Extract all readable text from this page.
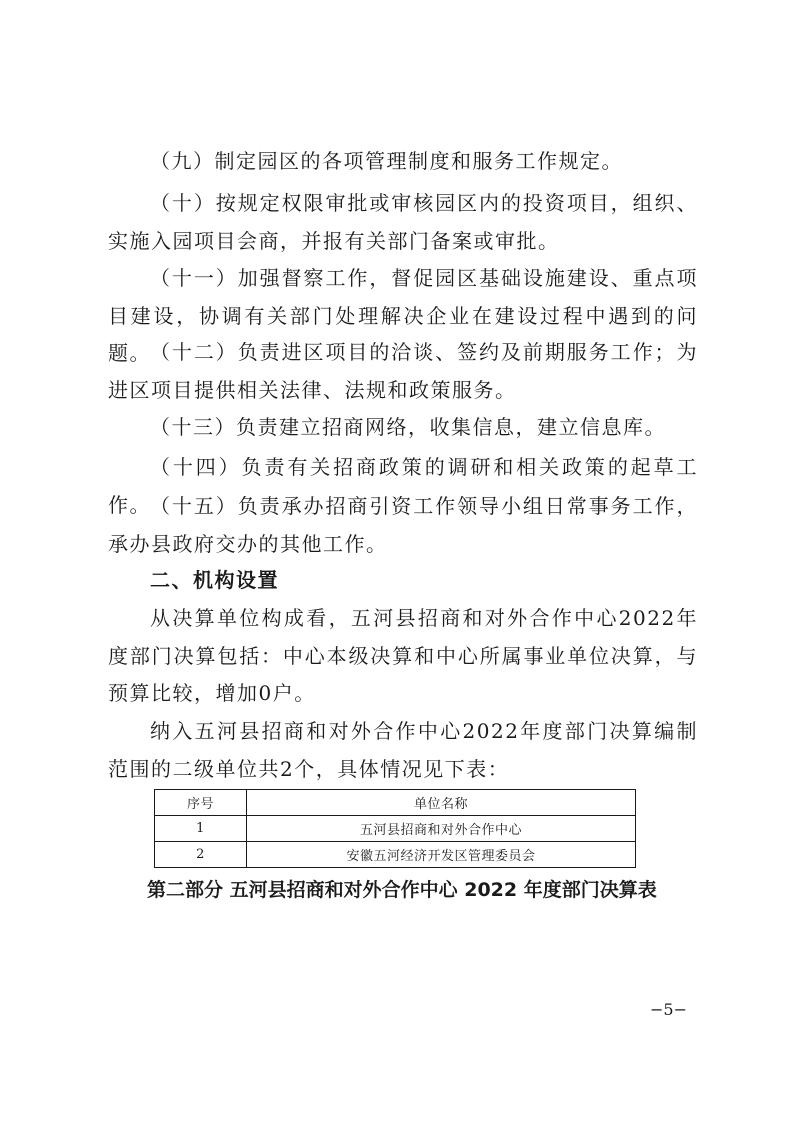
（九）制定园区的各项管理制度和服务工作规定。

（十）按规定权限审批或审核园区内的投资项目，组织、实施入园项目会商，并报有关部门备案或审批。

（十一）加强督察工作，督促园区基础设施建设、重点项目建设，协调有关部门处理解决企业在建设过程中遇到的问题。 （十二）负责进区项目的洽谈、签约及前期服务工作；为进区项目提供相关法律、法规和政策服务。

（十三）负责建立招商网络，收集信息，建立信息库。

（十四）负责有关招商政策的调研和相关政策的起草工作。 （十五）负责承办招商引资工作领导小组日常事务工作，承办县政府交办的其他工作。

二、机构设置

从决算单位构成看，五河县招商和对外合作中心2022年度部门决算包括：中心本级决算和中心所属事业单位决算，与预算比较，增加0户。

纳入五河县招商和对外合作中心2022年度部门决算编制范围的二级单位共2个，具体情况见下表：

序号	单位名称
1	五河县招商和对外合作中心
2	安徽五河经济开发区管理委员会
第二部分 五河县招商和对外合作中心 2022 年度部门决算表
−5−
